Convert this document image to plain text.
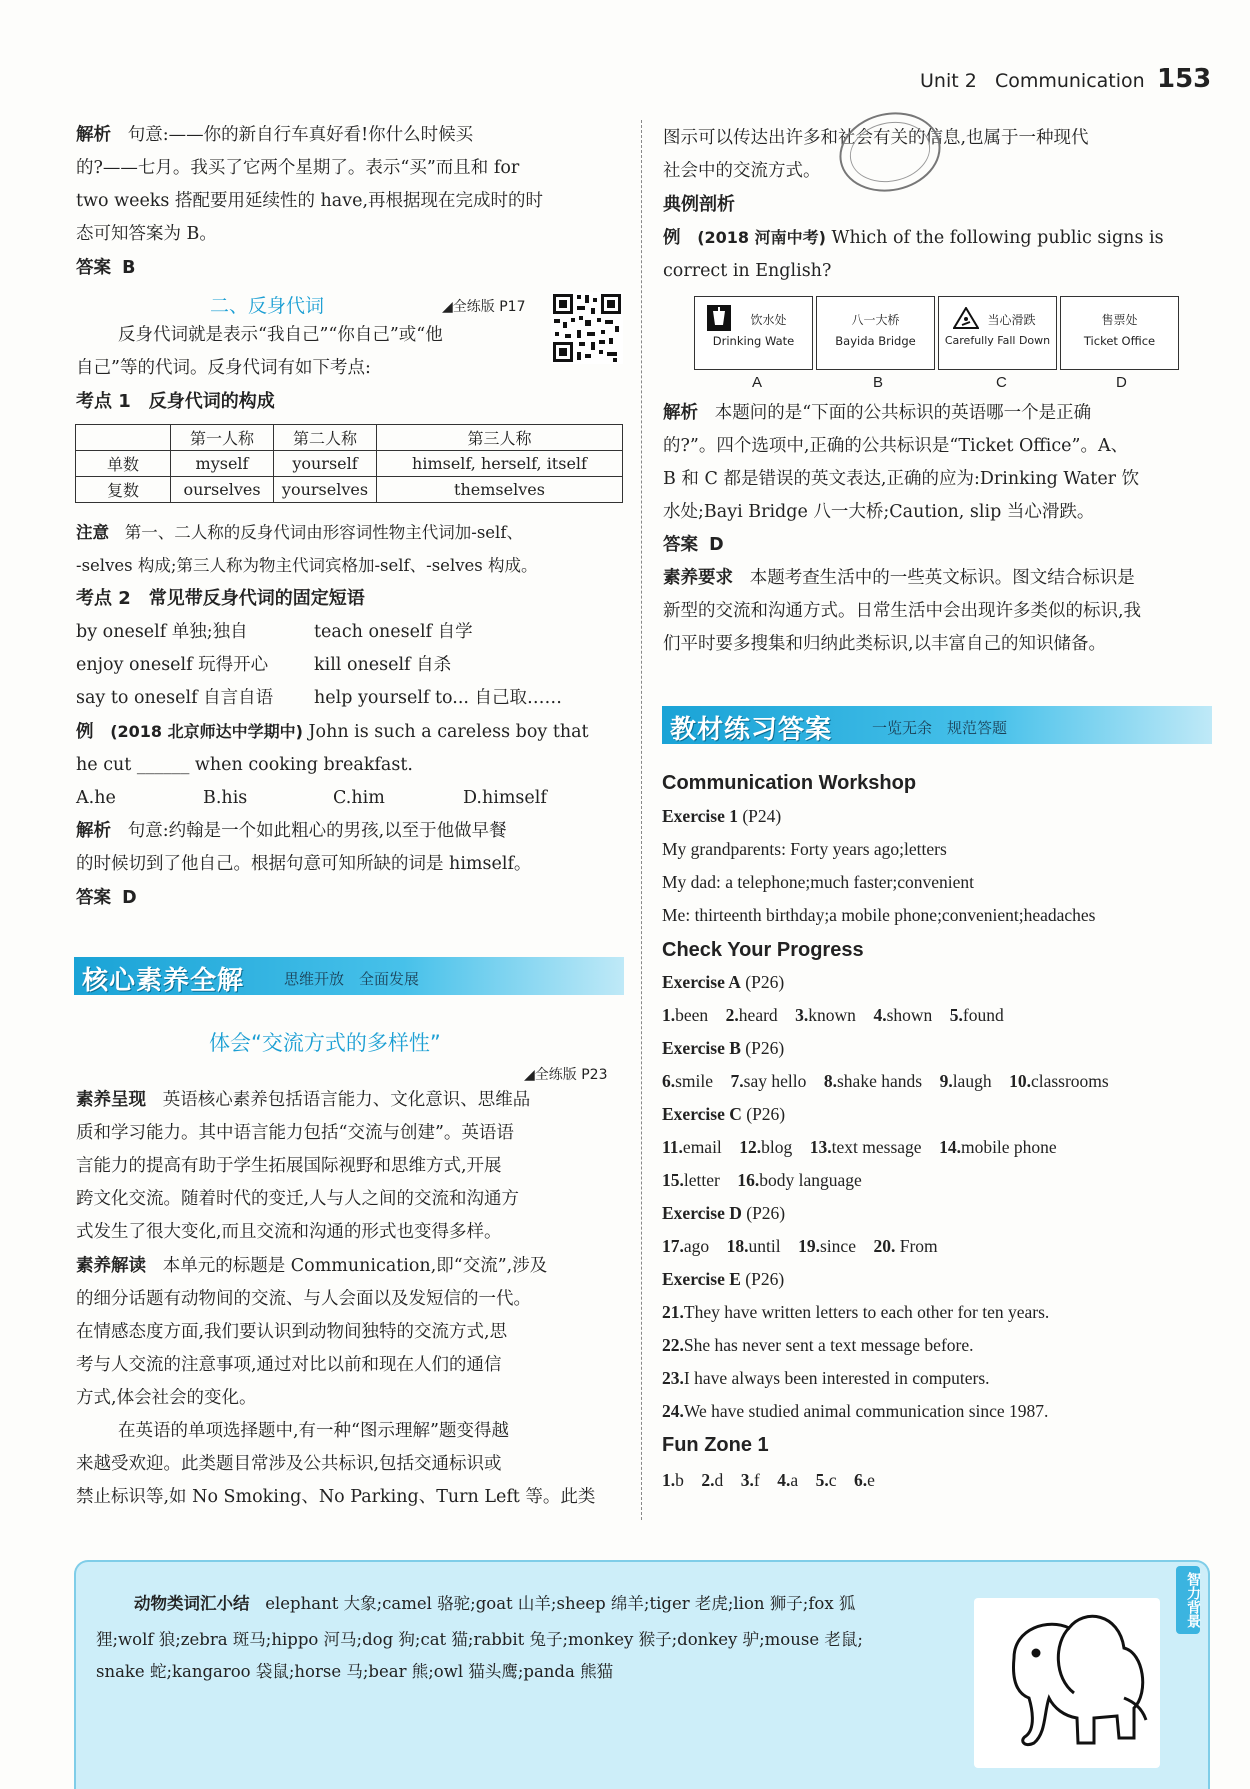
Unit 2 Communication 153
解析 句意:——你的新自行车真好看!你什么时候买
的?——七月。我买了它两个星期了。表示“买”而且和 for
two weeks 搭配要用延续性的 have,再根据现在完成时的时
态可知答案为 B。
答案 B
二、反身代词	◢全练版 P17
反身代词就是表示“我自己”“你自己”或“他
自己”等的代词。反身代词有如下考点:
考点 1　反身代词的构成
	第一人称	第二人称	第三人称
单数	myself	yourself	himself, herself, itself
复数	ourselves	yourselves	themselves
注意 第一、二人称的反身代词由形容词性物主代词加-self、
-selves 构成;第三人称为物主代词宾格加-self、-selves 构成。
考点 2　常见带反身代词的固定短语
by oneself 单独;独自	teach oneself 自学
enjoy oneself 玩得开心	kill oneself 自杀
say to oneself 自言自语 help yourself to... 自己取……
例 (2018 北京师达中学期中) John is such a careless boy that
he cut ______ when cooking breakfast.
A.he	B.his	C.him	D.himself
解析 句意:约翰是一个如此粗心的男孩,以至于他做早餐
的时候切到了他自己。根据句意可知所缺的词是 himself。
答案 D
核心素养全解	思维开放　全面发展
体会“交流方式的多样性”
◢全练版 P23
素养呈现 英语核心素养包括语言能力、文化意识、思维品
质和学习能力。其中语言能力包括“交流与创建”。英语语
言能力的提高有助于学生拓展国际视野和思维方式,开展
跨文化交流。随着时代的变迁,人与人之间的交流和沟通方
式发生了很大变化,而且交流和沟通的形式也变得多样。
素养解读 本单元的标题是 Communication,即“交流”,涉及
的细分话题有动物间的交流、与人会面以及发短信的一代。
在情感态度方面,我们要认识到动物间独特的交流方式,思
考与人交流的注意事项,通过对比以前和现在人们的通信
方式,体会社会的变化。
在英语的单项选择题中,有一种“图示理解”题变得越
来越受欢迎。此类题目常涉及公共标识,包括交通标识或
禁止标识等,如 No Smoking、No Parking、Turn Left 等。此类
图示可以传达出许多和社会有关的信息,也属于一种现代
社会中的交流方式。
典例剖析
例 (2018 河南中考) Which of the following public signs is
correct in English?
饮水处
Drinking Wate
八一大桥
Bayida Bridge
当心滑跌
Carefully Fall Down
售票处
Ticket Office
A	B	C	D
解析 本题问的是“下面的公共标识的英语哪一个是正确
的?”。四个选项中,正确的公共标识是“Ticket Office”。A、
B 和 C 都是错误的英文表达,正确的应为:Drinking Water 饮
水处;Bayi Bridge 八一大桥;Caution, slip 当心滑跌。
答案 D
素养要求 本题考查生活中的一些英文标识。图文结合标识是
新型的交流和沟通方式。日常生活中会出现许多类似的标识,我
们平时要多搜集和归纳此类标识,以丰富自己的知识储备。
教材练习答案	一览无余　规范答题
Communication Workshop
Exercise 1 (P24)
My grandparents: Forty years ago;letters
My dad: a telephone;much faster;convenient
Me: thirteenth birthday;a mobile phone;convenient;headaches
Check Your Progress
Exercise A (P26)
1.been 2.heard 3.known 4.shown 5.found
Exercise B (P26)
6.smile 7.say hello 8.shake hands 9.laugh 10.classrooms
Exercise C (P26)
11.email 12.blog 13.text message 14.mobile phone
15.letter 16.body language
Exercise D (P26)
17.ago 18.until 19.since 20. From
Exercise E (P26)
21.They have written letters to each other for ten years.
22.She has never sent a text message before.
23.I have always been interested in computers.
24.We have studied animal communication since 1987.
Fun Zone 1
1.b 2.d 3.f 4.a 5.c 6.e
动物类词汇小结 elephant 大象;camel 骆驼;goat 山羊;sheep 绵羊;tiger 老虎;lion 狮子;fox 狐
狸;wolf 狼;zebra 斑马;hippo 河马;dog 狗;cat 猫;rabbit 兔子;monkey 猴子;donkey 驴;mouse 老鼠;
snake 蛇;kangaroo 袋鼠;horse 马;bear 熊;owl 猫头鹰;panda 熊猫
智力背景
